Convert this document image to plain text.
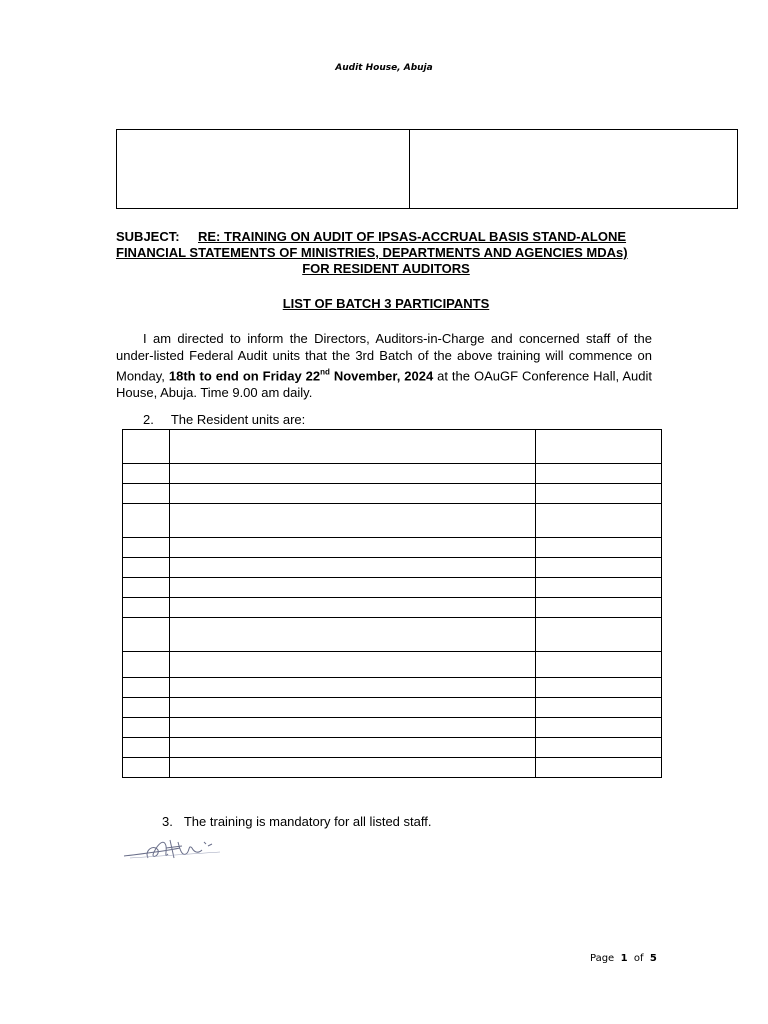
Audit House, Abuja

SUBJECT: RE: TRAINING ON AUDIT OF IPSAS-ACCRUAL BASIS STAND-ALONE
FINANCIAL STATEMENTS OF MINISTRIES, DEPARTMENTS AND AGENCIES MDAs)
FOR RESIDENT AUDITORS
LIST OF BATCH 3 PARTICIPANTS
I am directed to inform the Directors, Auditors-in-Charge and concerned staff of the under-listed Federal Audit units that the 3rd Batch of the above training will commence on Monday, 18th to end on Friday 22nd November, 2024 at the OAuGF Conference Hall, Audit House, Abuja. Time 9.00 am daily.
2. The Resident units are:

3. The training is mandatory for all listed staff.
Page 1 of 5
